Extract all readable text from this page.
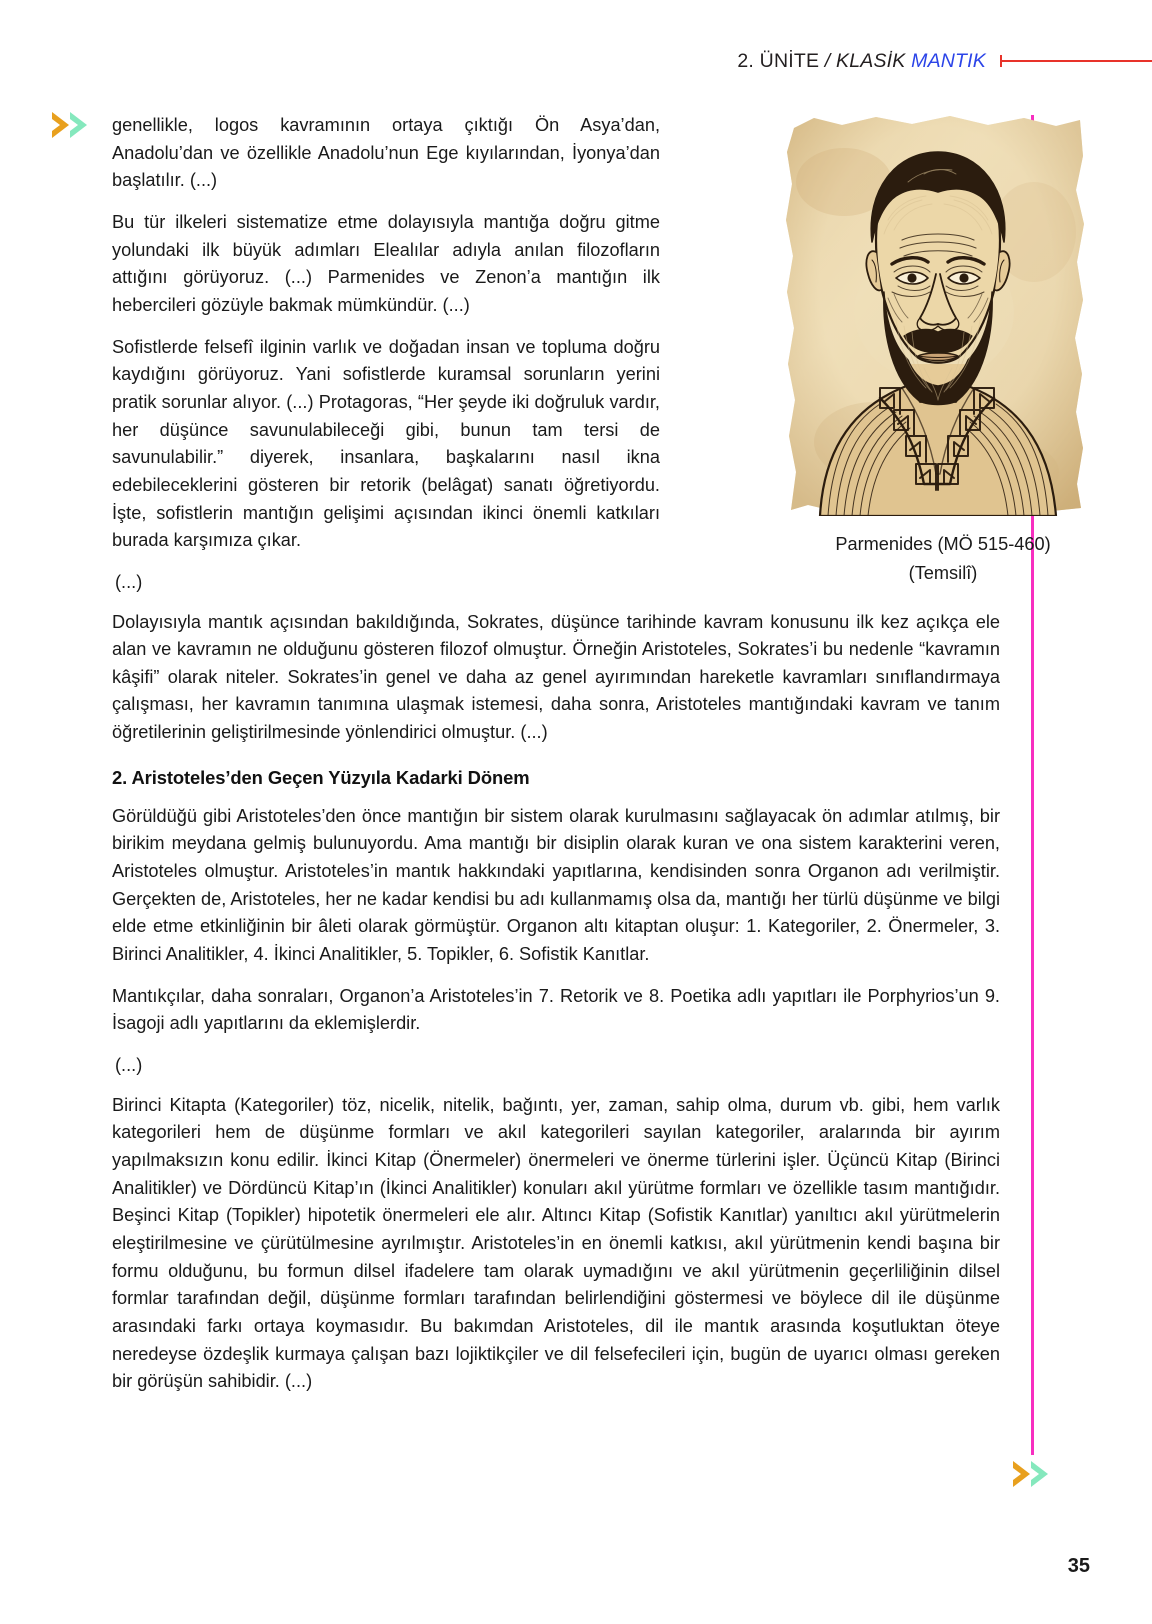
2. ÜNİTE / KLASİK MANTIK
Parmenides (MÖ 515-460)
(Temsilî)

genellikle, logos kavramının ortaya çıktığı Ön Asya’dan, Anadolu’dan ve özellikle Anadolu’nun Ege kıyılarından, İyonya’dan başlatılır. (...)

Bu tür ilkeleri sistematize etme dolayısıyla mantığa doğru gitme yolundaki ilk büyük adımları Elealılar adıyla anılan filozofların attığını görüyoruz. (...) Parmenides ve Zenon’a mantığın ilk hebercileri gözüyle bakmak mümkündür. (...)

Sofistlerde felsefî ilginin varlık ve doğadan insan ve topluma doğru kaydığını görüyoruz. Yani sofistlerde kuramsal sorunların yerini pratik sorunlar alıyor. (...) Protagoras, “Her şeyde iki doğruluk vardır, her düşünce savunulabileceği gibi, bunun tam tersi de savunulabilir.” diyerek, insanlara, başkalarını nasıl ikna edebileceklerini gösteren bir retorik (belâgat) sanatı öğretiyordu. İşte, sofistlerin mantığın gelişimi açısından ikinci önemli katkıları burada karşımıza çıkar.

(...)

Dolayısıyla mantık açısından bakıldığında, Sokrates, düşünce tarihinde kavram konusunu ilk kez açıkça ele alan ve kavramın ne olduğunu gösteren filozof olmuştur. Örneğin Aristoteles, Sokrates’i bu nedenle “kavramın kâşifi” olarak niteler. Sokrates’in genel ve daha az genel ayırımından hareketle kavramları sınıflandırmaya çalışması, her kavramın tanımına ulaşmak istemesi, daha sonra, Aristoteles mantığındaki kavram ve tanım öğretilerinin geliştirilmesinde yönlendirici olmuştur. (...)

2. Aristoteles’den Geçen Yüzyıla Kadarki Dönem

Görüldüğü gibi Aristoteles’den önce mantığın bir sistem olarak kurulmasını sağlayacak ön adımlar atılmış, bir birikim meydana gelmiş bulunuyordu. Ama mantığı bir disiplin olarak kuran ve ona sistem karakterini veren, Aristoteles olmuştur. Aristoteles’in mantık hakkındaki yapıtlarına, kendisinden sonra Organon adı verilmiştir. Gerçekten de, Aristoteles, her ne kadar kendisi bu adı kullanmamış olsa da, mantığı her türlü düşünme ve bilgi elde etme etkinliğinin bir âleti olarak görmüştür. Organon altı kitaptan oluşur: 1. Kategoriler, 2. Önermeler, 3. Birinci Analitikler, 4. İkinci Analitikler, 5. Topikler, 6. Sofistik Kanıtlar.

Mantıkçılar, daha sonraları, Organon’a Aristoteles’in 7. Retorik ve 8. Poetika adlı yapıtları ile Porphyrios’un 9. İsagoji adlı yapıtlarını da eklemişlerdir.

(...)

Birinci Kitapta (Kategoriler) töz, nicelik, nitelik, bağıntı, yer, zaman, sahip olma, durum vb. gibi, hem varlık kategorileri hem de düşünme formları ve akıl kategorileri sayılan kategoriler, aralarında bir ayırım yapılmaksızın konu edilir. İkinci Kitap (Önermeler) önermeleri ve önerme türlerini işler. Üçüncü Kitap (Birinci Analitikler) ve Dördüncü Kitap’ın (İkinci Analitikler) konuları akıl yürütme formları ve özellikle tasım mantığıdır. Beşinci Kitap (Topikler) hipotetik önermeleri ele alır. Altıncı Kitap (Sofistik Kanıtlar) yanıltıcı akıl yürütmelerin eleştirilmesine ve çürütülmesine ayrılmıştır. Aristoteles’in en önemli katkısı, akıl yürütmenin kendi başına bir formu olduğunu, bu formun dilsel ifadelere tam olarak uymadığını ve akıl yürütmenin geçerliliğinin dilsel formlar tarafından değil, düşünme formları tarafından belirlendiğini göstermesi ve böylece dil ile düşünme arasındaki farkı ortaya koymasıdır. Bu bakımdan Aristoteles, dil ile mantık arasında koşutluktan öteye neredeyse özdeşlik kurmaya çalışan bazı lojiktikçiler ve dil felsefecileri için, bugün de uyarıcı olması gereken bir görüşün sahibidir. (...)

35
